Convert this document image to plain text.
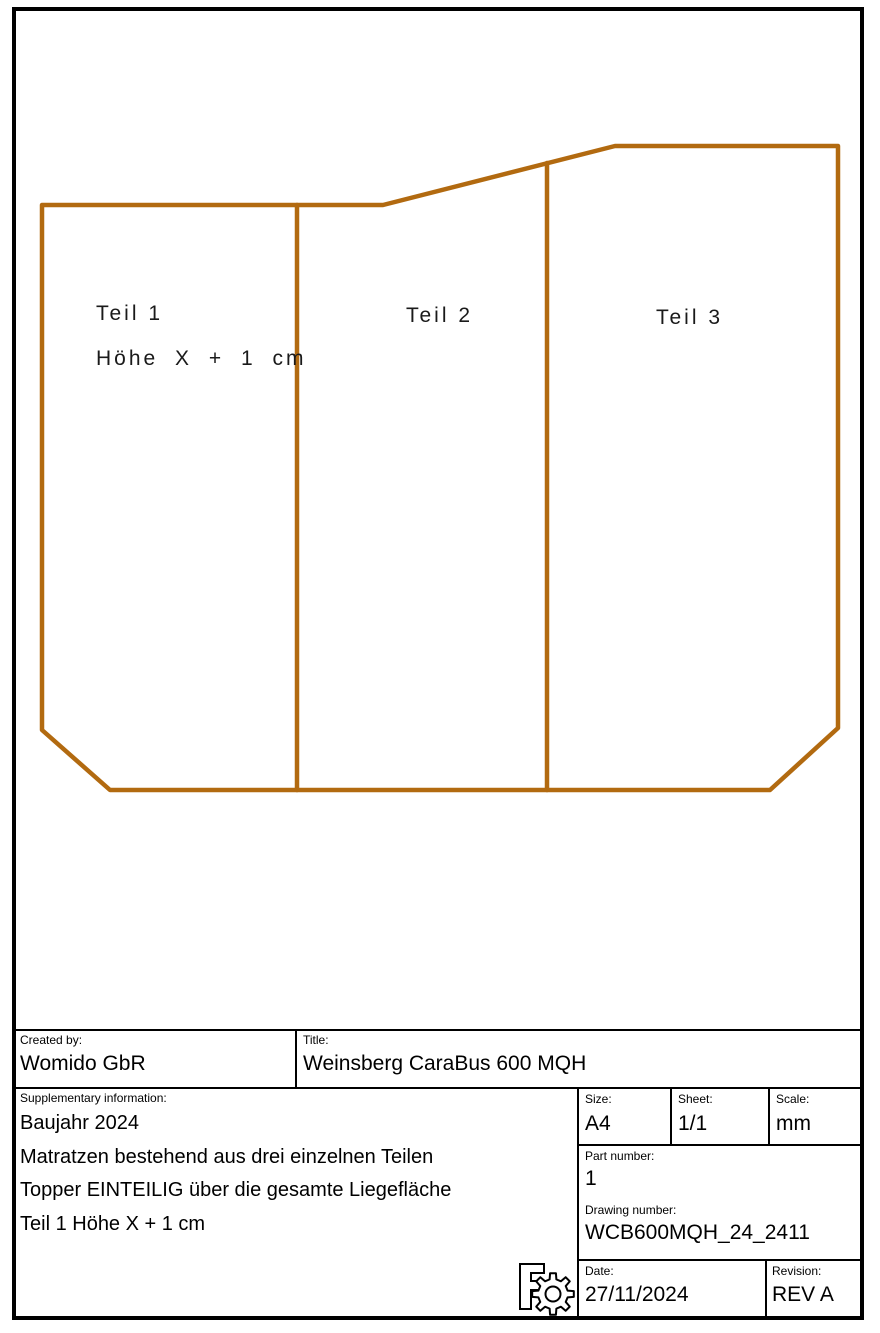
Teil 1
Höhe X + 1 cm
Teil 2	Teil 3
Created by:
Womido GbR
Title:
Weinsberg CaraBus 600 MQH
Supplementary information:
Baujahr 2024
Matratzen bestehend aus drei einzelnen Teilen
Topper EINTEILIG über die gesamte Liegefläche
Teil 1 Höhe X + 1 cm
Size:
A4
Sheet:
1/1
Scale:
mm
Part number:
1
Drawing number:
WCB600MQH_24_2411
Date:
27/11/2024
Revision:
REV A
